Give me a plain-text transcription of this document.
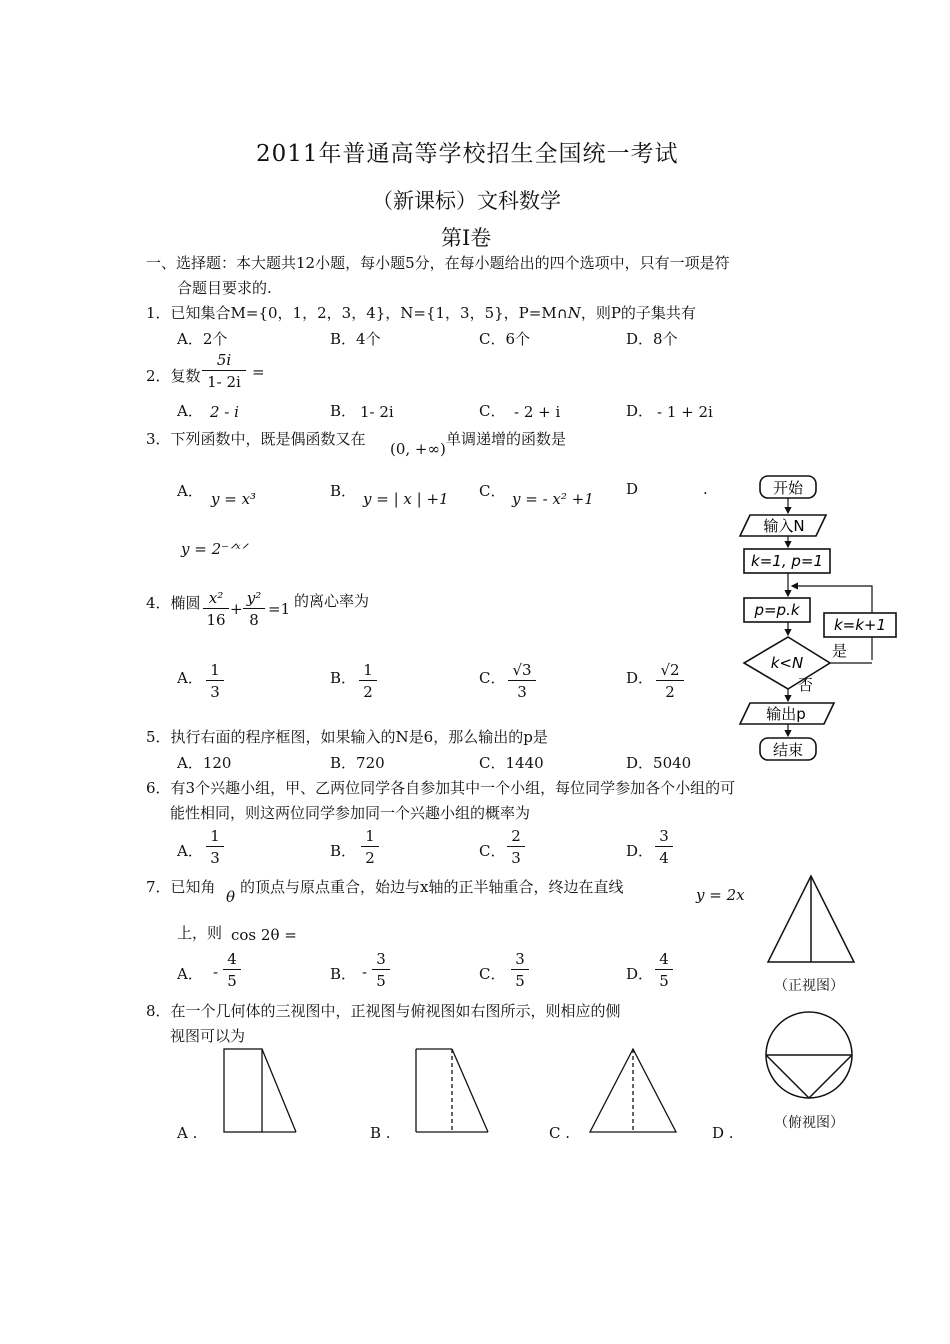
2011年普通高等学校招生全国统一考试
（新课标）文科数学
第Ⅰ卷
一、选择题：本大题共12小题，每小题5分，在每小题给出的四个选项中，只有一项是符
合题目要求的.
1．已知集合M={0，1，2，3，4}，N={1，3，5}，P=M∩N，则P的子集共有
A．2个	B．4个	C．6个	D．8个
2．复数 $\frac{5i}{1- 2i}$ =
A． 2 - i	B． 1- 2i	C． - 2 + i	D． - 1 + 2i
3．下列函数中，既是偶函数又在
(0, +∞)
单调递增的函数是
A． y = x³	B． y = | x | +1 C． y = - x² +1
D	.
y = 2⁻ᐟˣᐟ
4．椭圆 $\frac{\text{x²}}{16} + \frac{\text{y²}}{8} =1$ 的离心率为
A． $\frac{1}{3}$	B． $\frac{1}{2}$	C． $\frac{√3}{3}$	D． $\frac{√2}{2}$
5．执行右面的程序框图，如果输入的N是6，那么输出的p是
A．120	B．720	C．1440	D．5040
6．有3个兴趣小组，甲、乙两位同学各自参加其中一个小组，每位同学参加各个小组的可
能性相同，则这两位同学参加同一个兴趣小组的概率为
A． $\frac{1}{3}$	B． $\frac{1}{2}$	C． $\frac{2}{3}$	D． $\frac{3}{4}$
7．已知角
θ
的顶点与原点重合，始边与x轴的正半轴重合，终边在直线	y = 2x
上，则 cos 2θ =
A． - $\frac{4}{5}$	B． - $\frac{3}{5}$	C． $\frac{3}{5}$	D． $\frac{4}{5}$
8．在一个几何体的三视图中，正视图与俯视图如右图所示，则相应的侧
视图可以为
A .	B .	C .	D .
开始
输入N
k=1, p=1
p=p.k
k<N
是
k=k+1
否
输出p
结束
（正视图）
（俯视图）
